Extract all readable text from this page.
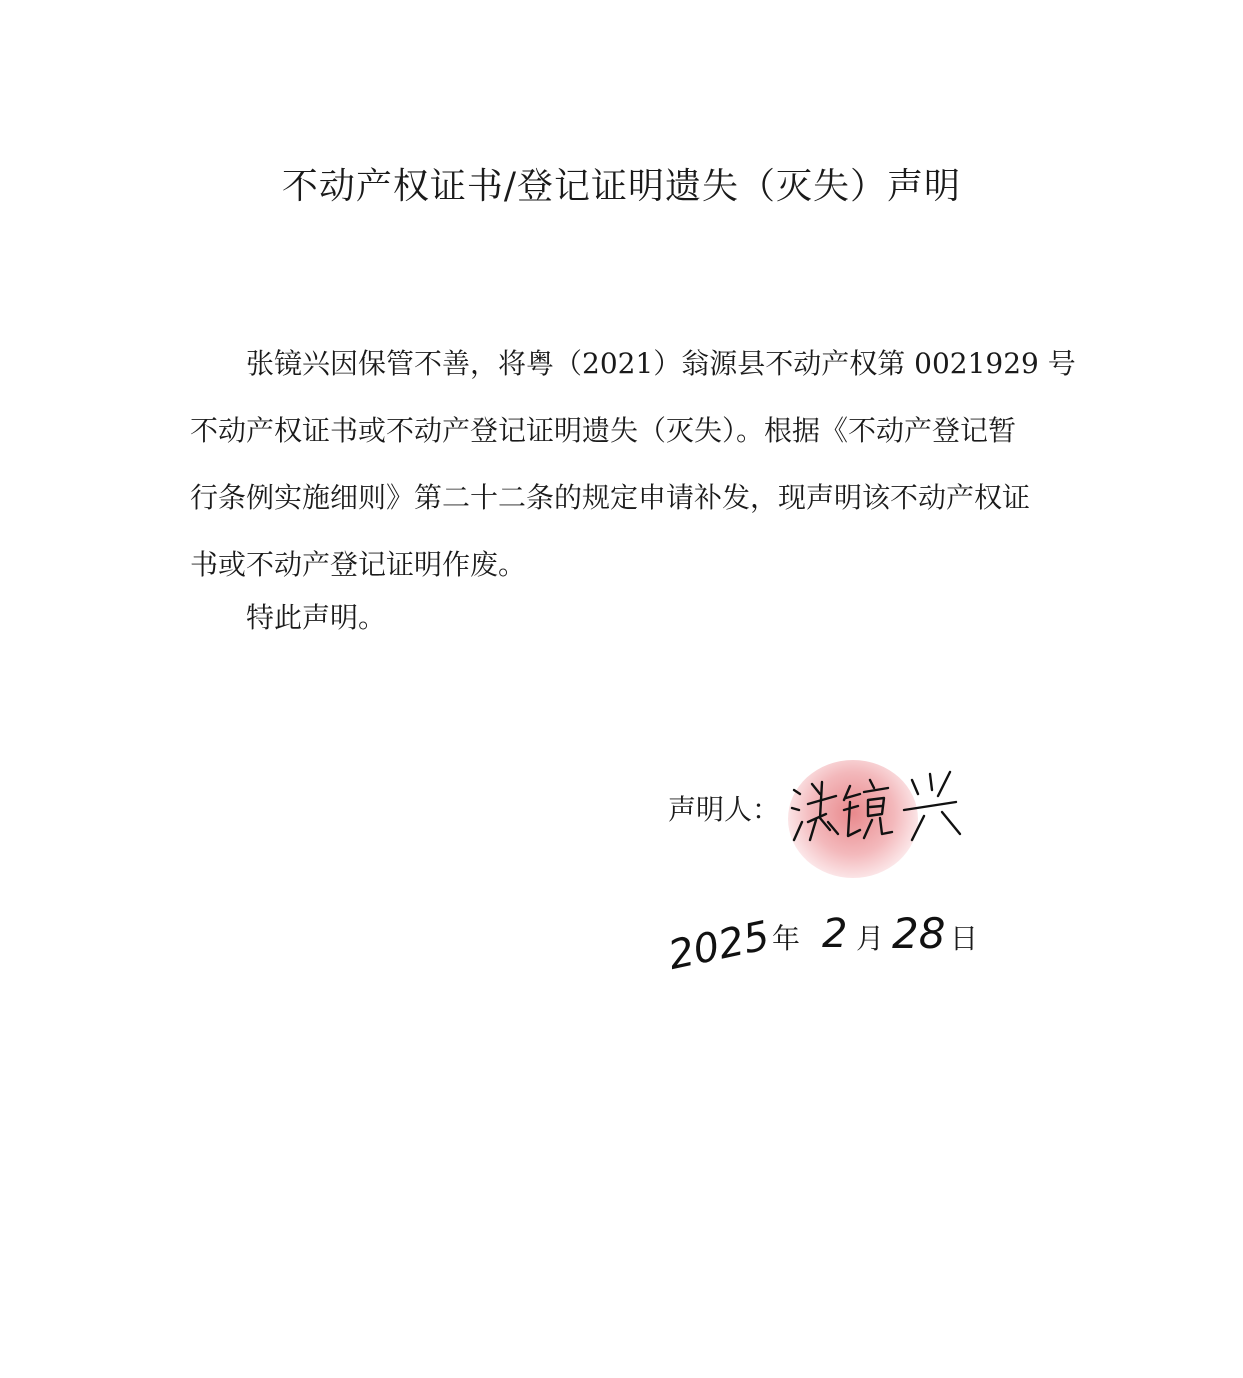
不动产权证书/登记证明遗失（灭失）声明
张镜兴因保管不善，将粤（2021）翁源县不动产权第 0021929 号
不动产权证书或不动产登记证明遗失（灭失）。根据《不动产登记暂
行条例实施细则》第二十二条的规定申请补发，现声明该不动产权证
书或不动产登记证明作废。
特此声明。
声明人：
2025
年 2 月 28 日
